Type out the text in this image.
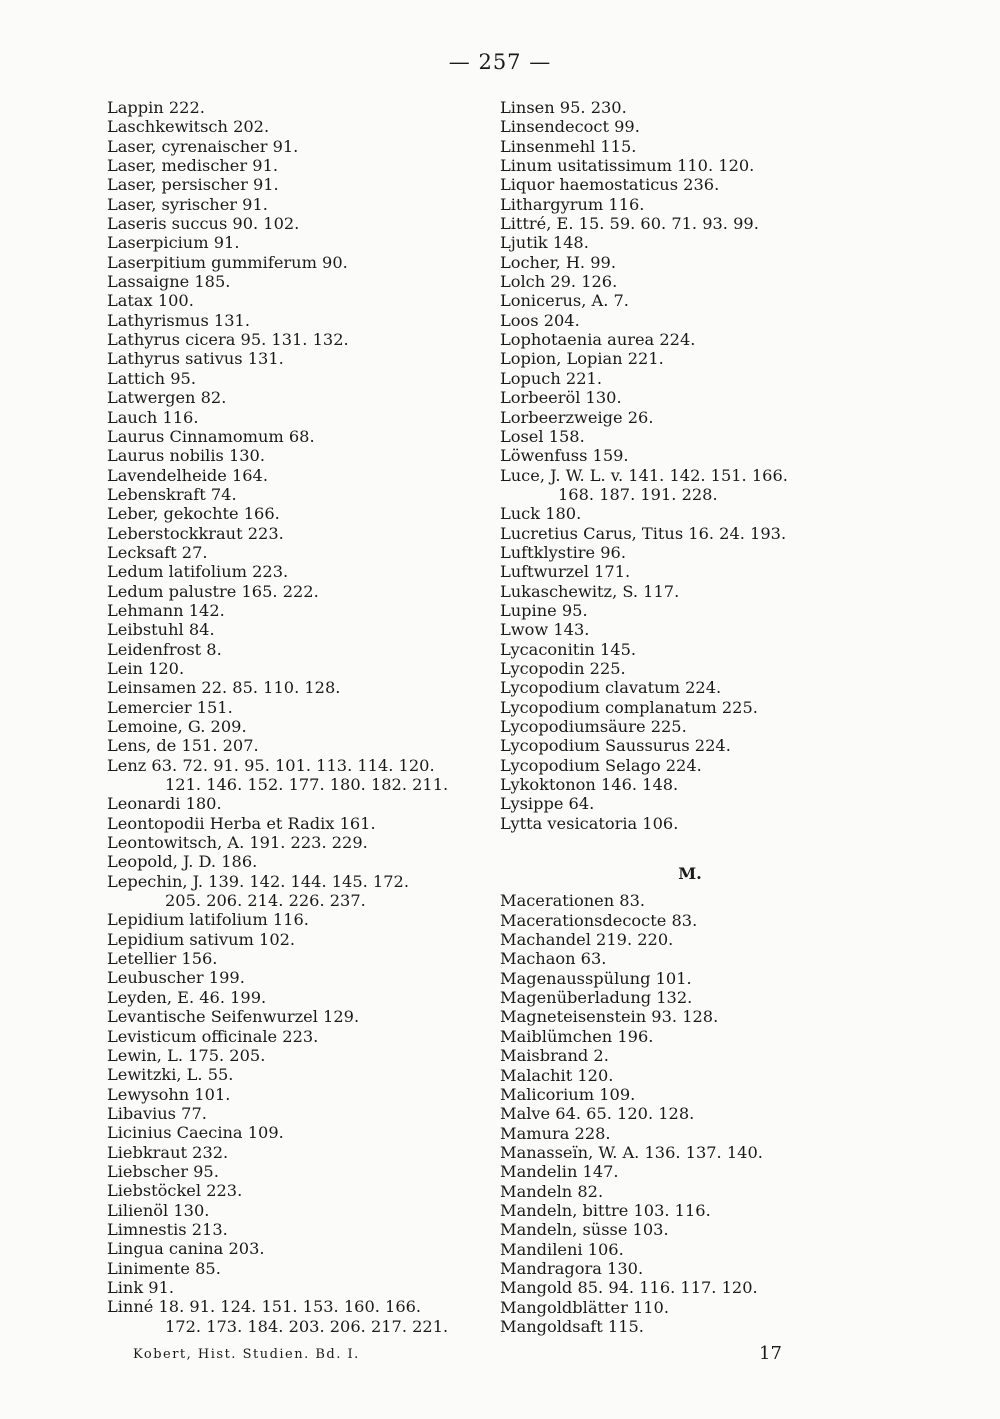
— 257 —
Lappin 222.
Laschkewitsch 202.
Laser, cyrenaischer 91.
Laser, medischer 91.
Laser, persischer 91.
Laser, syrischer 91.
Laseris succus 90. 102.
Laserpicium 91.
Laserpitium gummiferum 90.
Lassaigne 185.
Latax 100.
Lathyrismus 131.
Lathyrus cicera 95. 131. 132.
Lathyrus sativus 131.
Lattich 95.
Latwergen 82.
Lauch 116.
Laurus Cinnamomum 68.
Laurus nobilis 130.
Lavendelheide 164.
Lebenskraft 74.
Leber, gekochte 166.
Leberstockkraut 223.
Lecksaft 27.
Ledum latifolium 223.
Ledum palustre 165. 222.
Lehmann 142.
Leibstuhl 84.
Leidenfrost 8.
Lein 120.
Leinsamen 22. 85. 110. 128.
Lemercier 151.
Lemoine, G. 209.
Lens, de 151. 207.
Lenz 63. 72. 91. 95. 101. 113. 114. 120.
121. 146. 152. 177. 180. 182. 211.
Leonardi 180.
Leontopodii Herba et Radix 161.
Leontowitsch, A. 191. 223. 229.
Leopold, J. D. 186.
Lepechin, J. 139. 142. 144. 145. 172.
205. 206. 214. 226. 237.
Lepidium latifolium 116.
Lepidium sativum 102.
Letellier 156.
Leubuscher 199.
Leyden, E. 46. 199.
Levantische Seifenwurzel 129.
Levisticum officinale 223.
Lewin, L. 175. 205.
Lewitzki, L. 55.
Lewysohn 101.
Libavius 77.
Licinius Caecina 109.
Liebkraut 232.
Liebscher 95.
Liebstöckel 223.
Lilienöl 130.
Limnestis 213.
Lingua canina 203.
Linimente 85.
Link 91.
Linné 18. 91. 124. 151. 153. 160. 166.
172. 173. 184. 203. 206. 217. 221.
Linsen 95. 230.
Linsendecoct 99.
Linsenmehl 115.
Linum usitatissimum 110. 120.
Liquor haemostaticus 236.
Lithargyrum 116.
Littré, E. 15. 59. 60. 71. 93. 99.
Ljutik 148.
Locher, H. 99.
Lolch 29. 126.
Lonicerus, A. 7.
Loos 204.
Lophotaenia aurea 224.
Lopion, Lopian 221.
Lopuch 221.
Lorbeeröl 130.
Lorbeerzweige 26.
Losel 158.
Löwenfuss 159.
Luce, J. W. L. v. 141. 142. 151. 166.
168. 187. 191. 228.
Luck 180.
Lucretius Carus, Titus 16. 24. 193.
Luftklystire 96.
Luftwurzel 171.
Lukaschewitz, S. 117.
Lupine 95.
Lwow 143.
Lycaconitin 145.
Lycopodin 225.
Lycopodium clavatum 224.
Lycopodium complanatum 225.
Lycopodiumsäure 225.
Lycopodium Saussurus 224.
Lycopodium Selago 224.
Lykoktonon 146. 148.
Lysippe 64.
Lytta vesicatoria 106.
M.
Macerationen 83.
Macerationsdecocte 83.
Machandel 219. 220.
Machaon 63.
Magenausspülung 101.
Magenüberladung 132.
Magneteisenstein 93. 128.
Maiblümchen 196.
Maisbrand 2.
Malachit 120.
Malicorium 109.
Malve 64. 65. 120. 128.
Mamura 228.
Manasseïn, W. A. 136. 137. 140.
Mandelin 147.
Mandeln 82.
Mandeln, bittre 103. 116.
Mandeln, süsse 103.
Mandileni 106.
Mandragora 130.
Mangold 85. 94. 116. 117. 120.
Mangoldblätter 110.
Mangoldsaft 115.
Kobert, Hist. Studien. Bd. I.	17
